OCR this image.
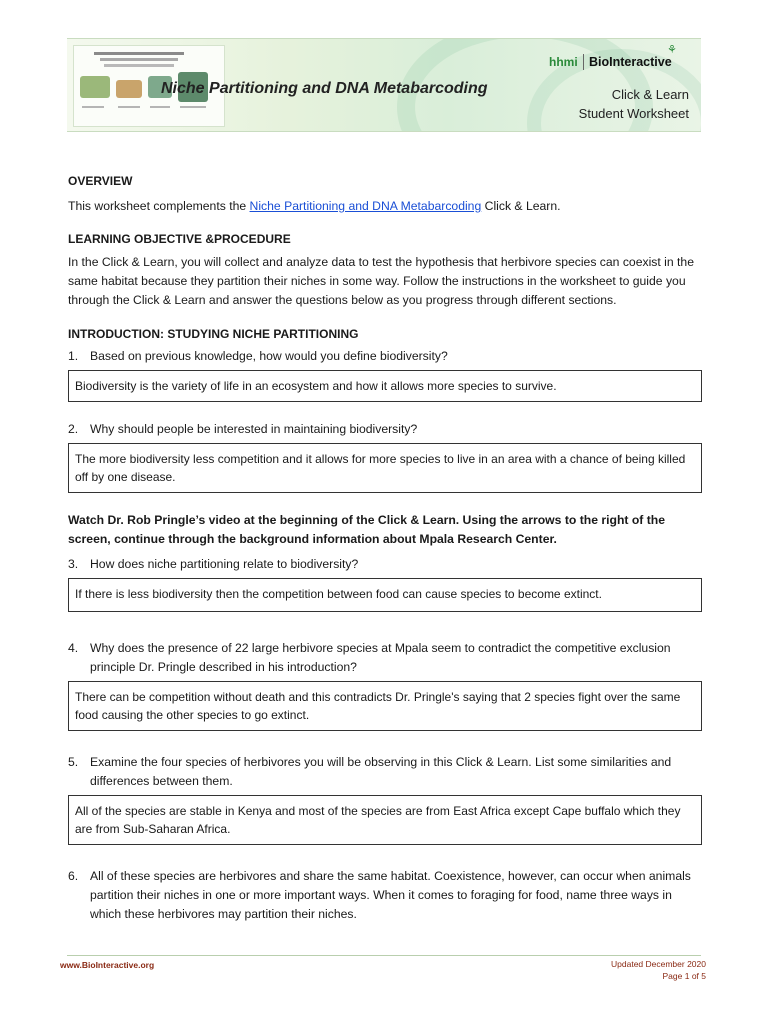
Niche Partitioning and DNA Metabarcoding
⚘
hhmi BioInteractive
Click & Learn
Student Worksheet

OVERVIEW

This worksheet complements the Niche Partitioning and DNA Metabarcoding Click & Learn.

LEARNING OBJECTIVE &PROCEDURE

In the Click & Learn, you will collect and analyze data to test the hypothesis that herbivore species can coexist in the same habitat because they partition their niches in some way. Follow the instructions in the worksheet to guide you through the Click & Learn and answer the questions below as you progress through different sections.

INTRODUCTION: STUDYING NICHE PARTITIONING

1. Based on previous knowledge, how would you define biodiversity?
Biodiversity is the variety of life in an ecosystem and how it allows more species to survive.
2. Why should people be interested in maintaining biodiversity?
The more biodiversity less competition and it allows for more species to live in an area with a chance of being killed off by one disease.

Watch Dr. Rob Pringle’s video at the beginning of the Click & Learn. Using the arrows to the right of the screen, continue through the background information about Mpala Research Center.

3. How does niche partitioning relate to biodiversity?
If there is less biodiversity then the competition between food can cause species to become extinct.
4. Why does the presence of 22 large herbivore species at Mpala seem to contradict the competitive exclusion principle Dr. Pringle described in his introduction?
There can be competition without death and this contradicts Dr. Pringle's saying that 2 species fight over the same food causing the other species to go extinct.
5. Examine the four species of herbivores you will be observing in this Click & Learn. List some similarities and differences between them.
All of the species are stable in Kenya and most of the species are from East Africa except Cape buffalo which they are from Sub-Saharan Africa.
6. All of these species are herbivores and share the same habitat. Coexistence, however, can occur when animals partition their niches in one or more important ways. When it comes to foraging for food, name three ways in which these herbivores may partition their niches.
www.BioInteractive.org	Updated December 2020
Page 1 of 5
